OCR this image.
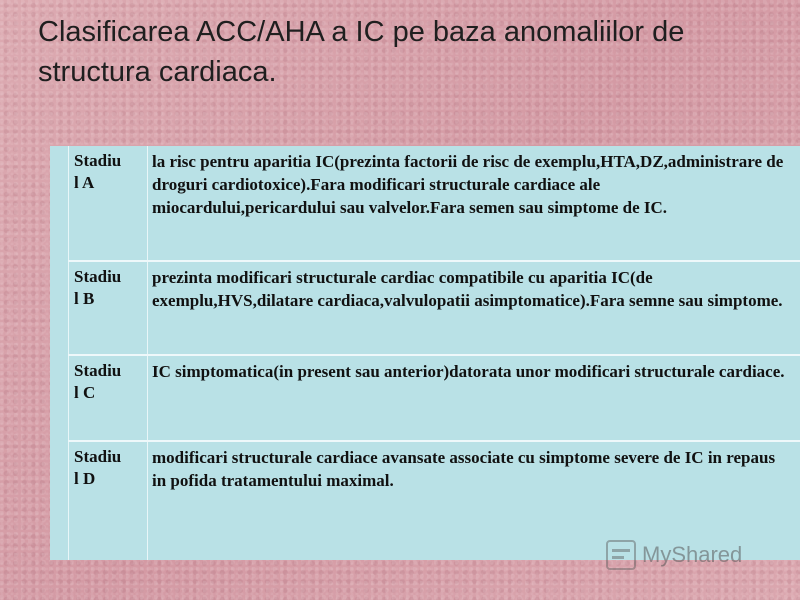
Clasificarea ACC/AHA a IC pe baza anomaliilor de structura cardiaca.
Stadiu
l A
la risc pentru aparitia IC(prezinta factorii de risc de exemplu,HTA,DZ,administrare de droguri cardiotoxice).Fara modificari structurale cardiace ale miocardului,pericardului sau valvelor.Fara semen sau simptome de IC.
Stadiu
l B
prezinta modificari structurale cardiac compatibile cu aparitia IC(de exemplu,HVS,dilatare cardiaca,valvulopatii asimptomatice).Fara semne sau simptome.
Stadiu
l C
IC simptomatica(in present sau anterior)datorata unor modificari structurale cardiace.
Stadiu
l D
modificari structurale cardiace avansate associate cu simptome severe de IC in repaus in pofida tratamentului maximal.
MyShared
